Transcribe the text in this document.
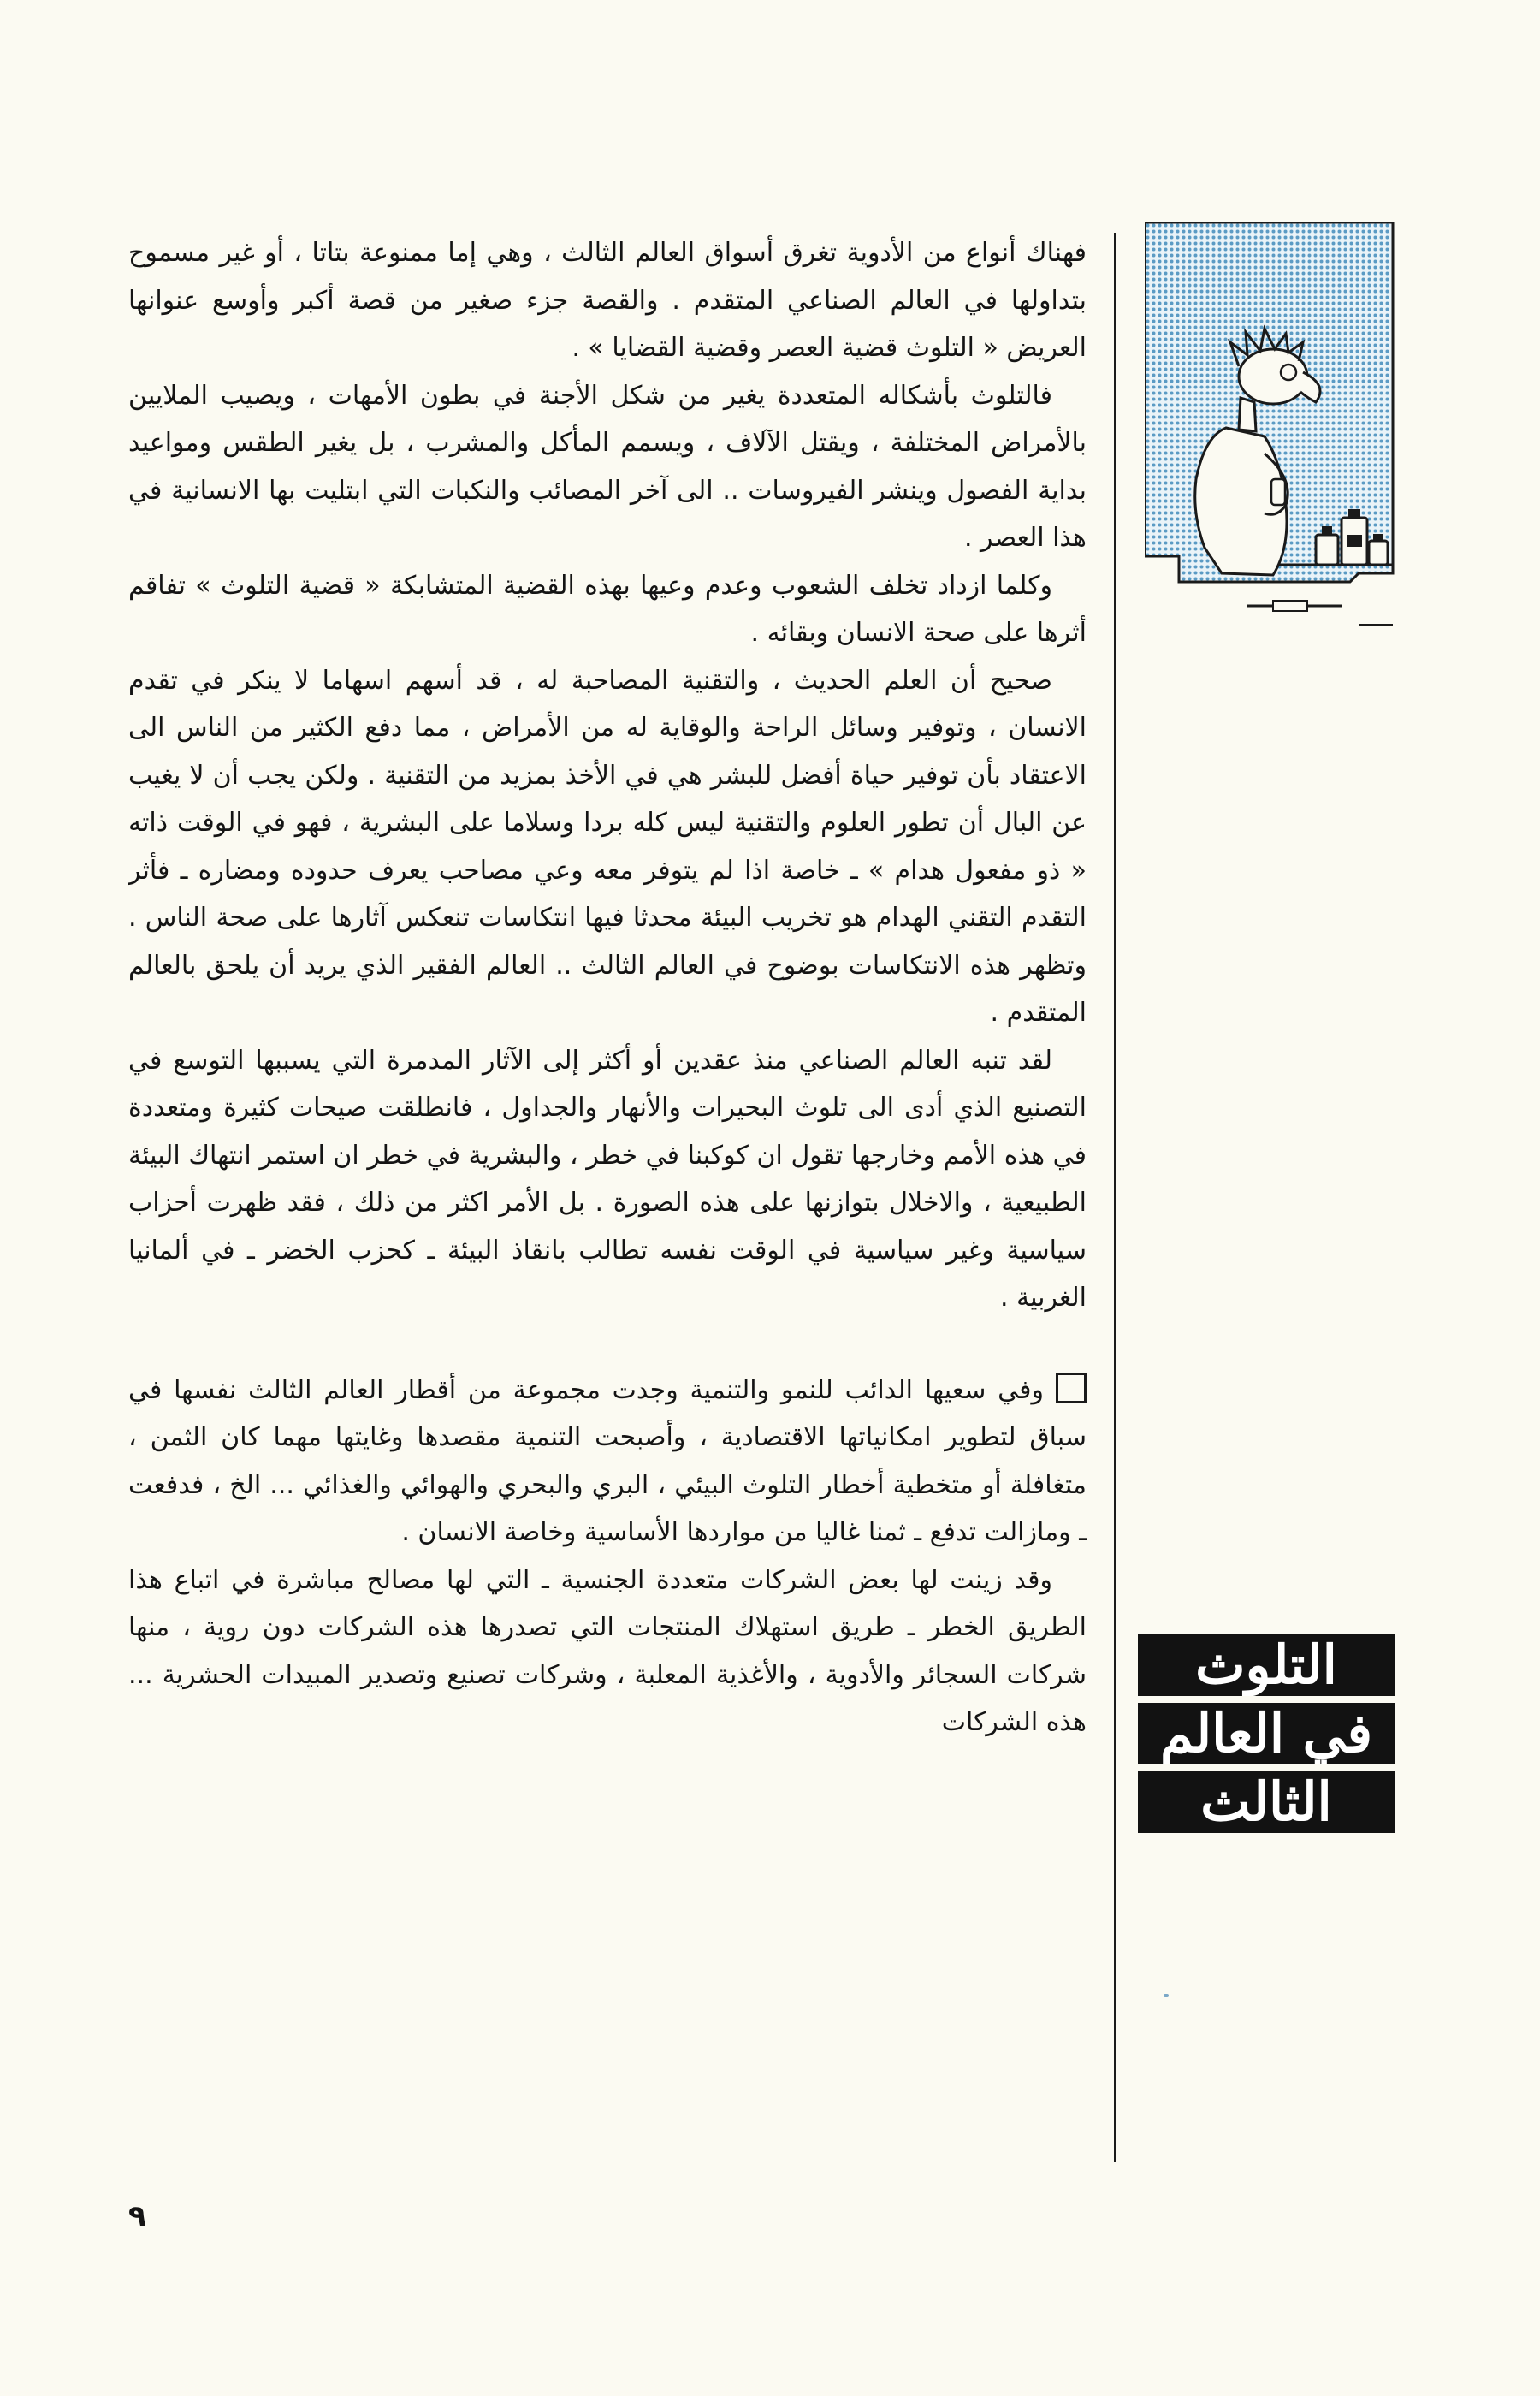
التلوث
في العالم
الثالث

فهناك أنواع من الأدوية تغرق أسواق العالم الثالث ، وهي إما ممنوعة بتاتا ، أو غير مسموح بتداولها في العالم الصناعي المتقدم . والقصة جزء صغير من قصة أكبر وأوسع عنوانها العريض « التلوث قضية العصر وقضية القضايا » .

فالتلوث بأشكاله المتعددة يغير من شكل الأجنة في بطون الأمهات ، ويصيب الملايين بالأمراض المختلفة ، ويقتل الآلاف ، ويسمم المأكل والمشرب ، بل يغير الطقس ومواعيد بداية الفصول وينشر الفيروسات .. الى آخر المصائب والنكبات التي ابتليت بها الانسانية في هذا العصر .

وكلما ازداد تخلف الشعوب وعدم وعيها بهذه القضية المتشابكة « قضية التلوث » تفاقم أثرها على صحة الانسان وبقائه .

صحيح أن العلم الحديث ، والتقنية المصاحبة له ، قد أسهم اسهاما لا ينكر في تقدم الانسان ، وتوفير وسائل الراحة والوقاية له من الأمراض ، مما دفع الكثير من الناس الى الاعتقاد بأن توفير حياة أفضل للبشر هي في الأخذ بمزيد من التقنية . ولكن يجب أن لا يغيب عن البال أن تطور العلوم والتقنية ليس كله بردا وسلاما على البشرية ، فهو في الوقت ذاته « ذو مفعول هدام » ـ خاصة اذا لم يتوفر معه وعي مصاحب يعرف حدوده ومضاره ـ فأثر التقدم التقني الهدام هو تخريب البيئة محدثا فيها انتكاسات تنعكس آثارها على صحة الناس . وتظهر هذه الانتكاسات بوضوح في العالم الثالث .. العالم الفقير الذي يريد أن يلحق بالعالم المتقدم .

لقد تنبه العالم الصناعي منذ عقدين أو أكثر إلى الآثار المدمرة التي يسببها التوسع في التصنيع الذي أدى الى تلوث البحيرات والأنهار والجداول ، فانطلقت صيحات كثيرة ومتعددة في هذه الأمم وخارجها تقول ان كوكبنا في خطر ، والبشرية في خطر ان استمر انتهاك البيئة الطبيعية ، والاخلال بتوازنها على هذه الصورة . بل الأمر اكثر من ذلك ، فقد ظهرت أحزاب سياسية وغير سياسية في الوقت نفسه تطالب بانقاذ البيئة ـ كحزب الخضر ـ في ألمانيا الغربية .

وفي سعيها الدائب للنمو والتنمية وجدت مجموعة من أقطار العالم الثالث نفسها في سباق لتطوير امكانياتها الاقتصادية ، وأصبحت التنمية مقصدها وغايتها مهما كان الثمن ، متغافلة أو متخطية أخطار التلوث البيئي ، البري والبحري والهوائي والغذائي ... الخ ، فدفعت ـ ومازالت تدفع ـ ثمنا غاليا من مواردها الأساسية وخاصة الانسان .

وقد زينت لها بعض الشركات متعددة الجنسية ـ التي لها مصالح مباشرة في اتباع هذا الطريق الخطر ـ طريق استهلاك المنتجات التي تصدرها هذه الشركات دون روية ، منها شركات السجائر والأدوية ، والأغذية المعلبة ، وشركات تصنيع وتصدير المبيدات الحشرية ... هذه الشركات

٩
